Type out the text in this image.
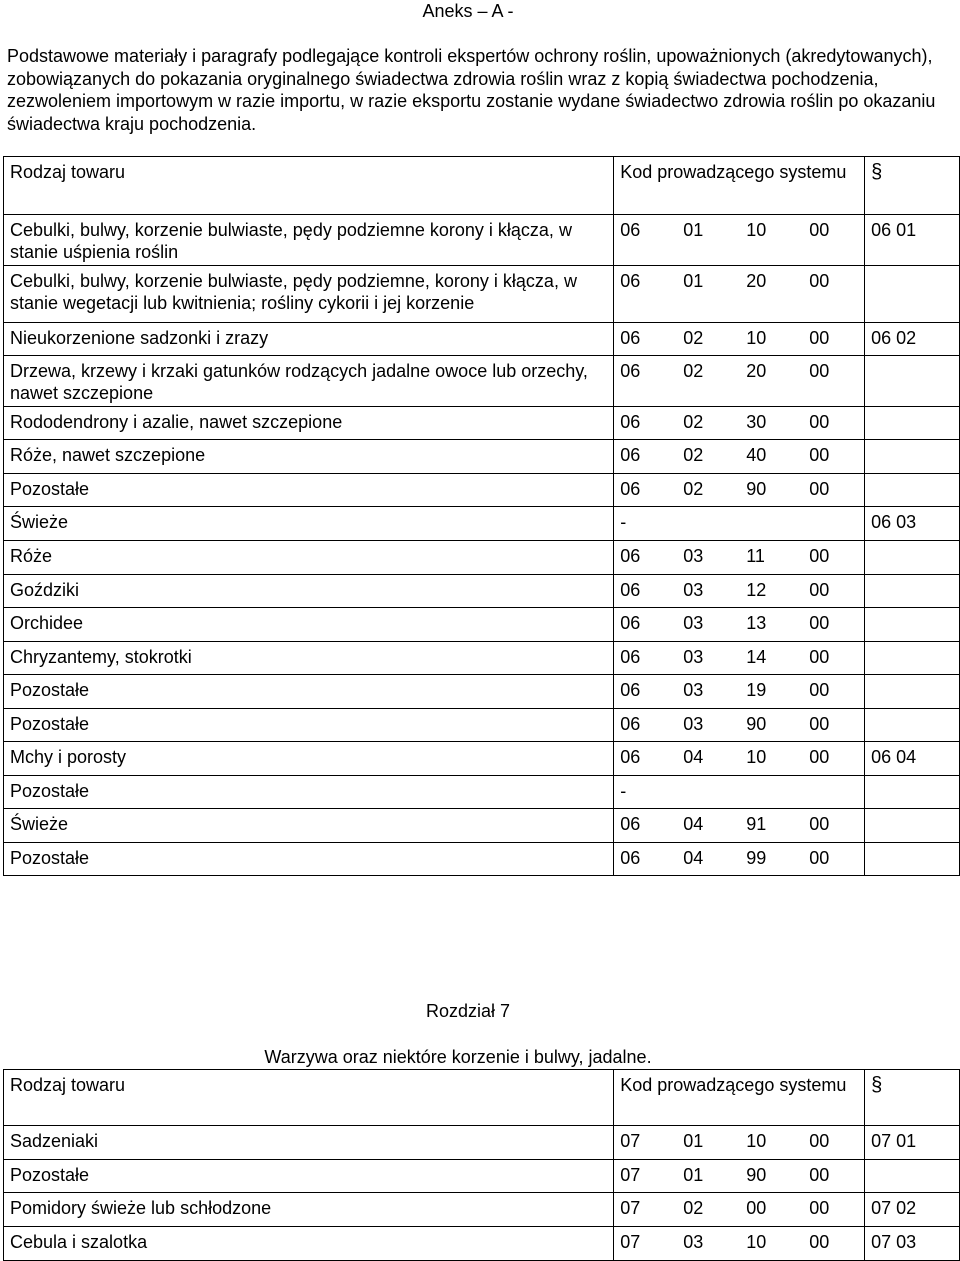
Aneks – A -

Podstawowe materiały i paragrafy podlegające kontroli ekspertów ochrony roślin, upoważnionych (akredytowanych), zobowiązanych do pokazania oryginalnego świadectwa zdrowia roślin wraz z kopią świadectwa pochodzenia, zezwoleniem importowym w razie importu, w razie eksportu zostanie wydane świadectwo zdrowia roślin po okazaniu świadectwa kraju pochodzenia.

Rodzaj towaru	Kod prowadzącego systemu	§
Cebulki, bulwy, korzenie bulwiaste, pędy podziemne korony i kłącza, w stanie uśpienia roślin	06 01 10 00	06 01
Cebulki, bulwy, korzenie bulwiaste, pędy podziemne, korony i kłącza, w stanie wegetacji lub kwitnienia; rośliny cykorii i jej korzenie	06 01 20 00	
Nieukorzenione sadzonki i zrazy	06 02 10 00	06 02
Drzewa, krzewy i krzaki gatunków rodzących jadalne owoce lub orzechy, nawet szczepione	06 02 20 00	
Rododendrony i azalie, nawet szczepione	06 02 30 00	
Róże, nawet szczepione	06 02 40 00	
Pozostałe	06 02 90 00	
Świeże	-	06 03
Róże	06 03 11 00	
Goździki	06 03 12 00	
Orchidee	06 03 13 00	
Chryzantemy, stokrotki	06 03 14 00	
Pozostałe	06 03 19 00	
Pozostałe	06 03 90 00	
Mchy i porosty	06 04 10 00	06 04
Pozostałe	-	
Świeże	06 04 91 00	
Pozostałe	06 04 99 00	
Rozdział 7
Warzywa oraz niektóre korzenie i bulwy, jadalne.
Rodzaj towaru	Kod prowadzącego systemu	§
Sadzeniaki	07 01 10 00	07 01
Pozostałe	07 01 90 00	
Pomidory świeże lub schłodzone	07 02 00 00	07 02
Cebula i szalotka	07 03 10 00	07 03
